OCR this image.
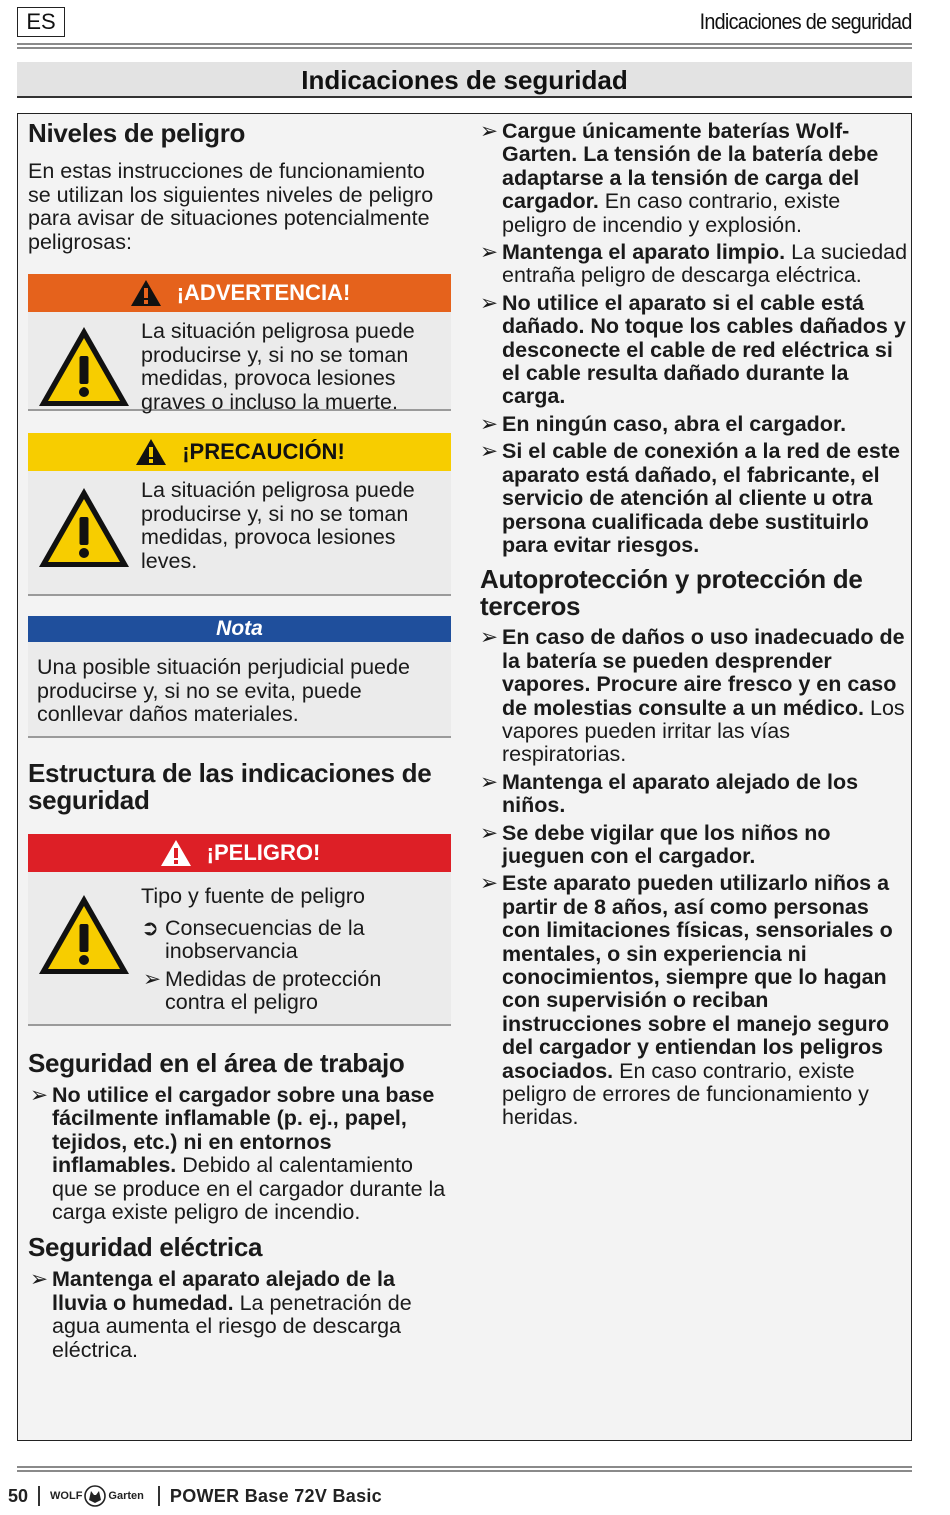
ES	Indicaciones de seguridad
Indicaciones de seguridad
Niveles de peligro
En estas instrucciones de funcionamiento se utilizan los siguientes niveles de peligro para avisar de situaciones potencialmente peligrosas:
¡ADVERTENCIA!
La situación peligrosa puede producirse y, si no se toman medidas, provoca lesiones graves o incluso la muerte.
¡PRECAUCIÓN!
La situación peligrosa puede producirse y, si no se toman medidas, provoca lesiones leves.
Nota
Una posible situación perjudicial puede producirse y, si no se evita, puede conllevar daños materiales.
Estructura de las indicaciones de seguridad
¡PELIGRO!
Tipo y fuente de peligro
➲ Consecuencias de la inobservancia
➢ Medidas de protección contra el peligro
Seguridad en el área de trabajo
➢ No utilice el cargador sobre una base fácilmente inflamable (p. ej., papel, tejidos, etc.) ni en entornos inflamables. Debido al calentamiento que se produce en el cargador durante la carga existe peligro de incendio.
Seguridad eléctrica
➢ Mantenga el aparato alejado de la lluvia o humedad. La penetración de agua aumenta el riesgo de descarga eléctrica.
➢ Cargue únicamente baterías Wolf-Garten. La tensión de la batería debe adaptarse a la tensión de carga del cargador. En caso contrario, existe peligro de incendio y explosión.
➢ Mantenga el aparato limpio. La suciedad entraña peligro de descarga eléctrica.
➢ No utilice el aparato si el cable está dañado. No toque los cables dañados y desconecte el cable de red eléctrica si el cable resulta dañado durante la carga.
➢ En ningún caso, abra el cargador.
➢ Si el cable de conexión a la red de este aparato está dañado, el fabricante, el servicio de atención al cliente u otra persona cualificada debe sustituirlo para evitar riesgos.
Autoprotección y protección de terceros
➢ En caso de daños o uso inadecuado de la batería se pueden desprender vapores. Procure aire fresco y en caso de molestias consulte a un médico. Los vapores pueden irritar las vías respiratorias.
➢ Mantenga el aparato alejado de los niños.
➢ Se debe vigilar que los niños no jueguen con el cargador.
➢ Este aparato pueden utilizarlo niños a partir de 8 años, así como personas con limitaciones físicas, sensoriales o mentales, o sin experiencia ni conocimientos, siempre que lo hagan con supervisión o reciban instrucciones sobre el manejo seguro del cargador y entiendan los peligros asociados. En caso contrario, existe peligro de errores de funcionamiento y heridas.
50 WOLF Garten POWER Base 72V Basic
